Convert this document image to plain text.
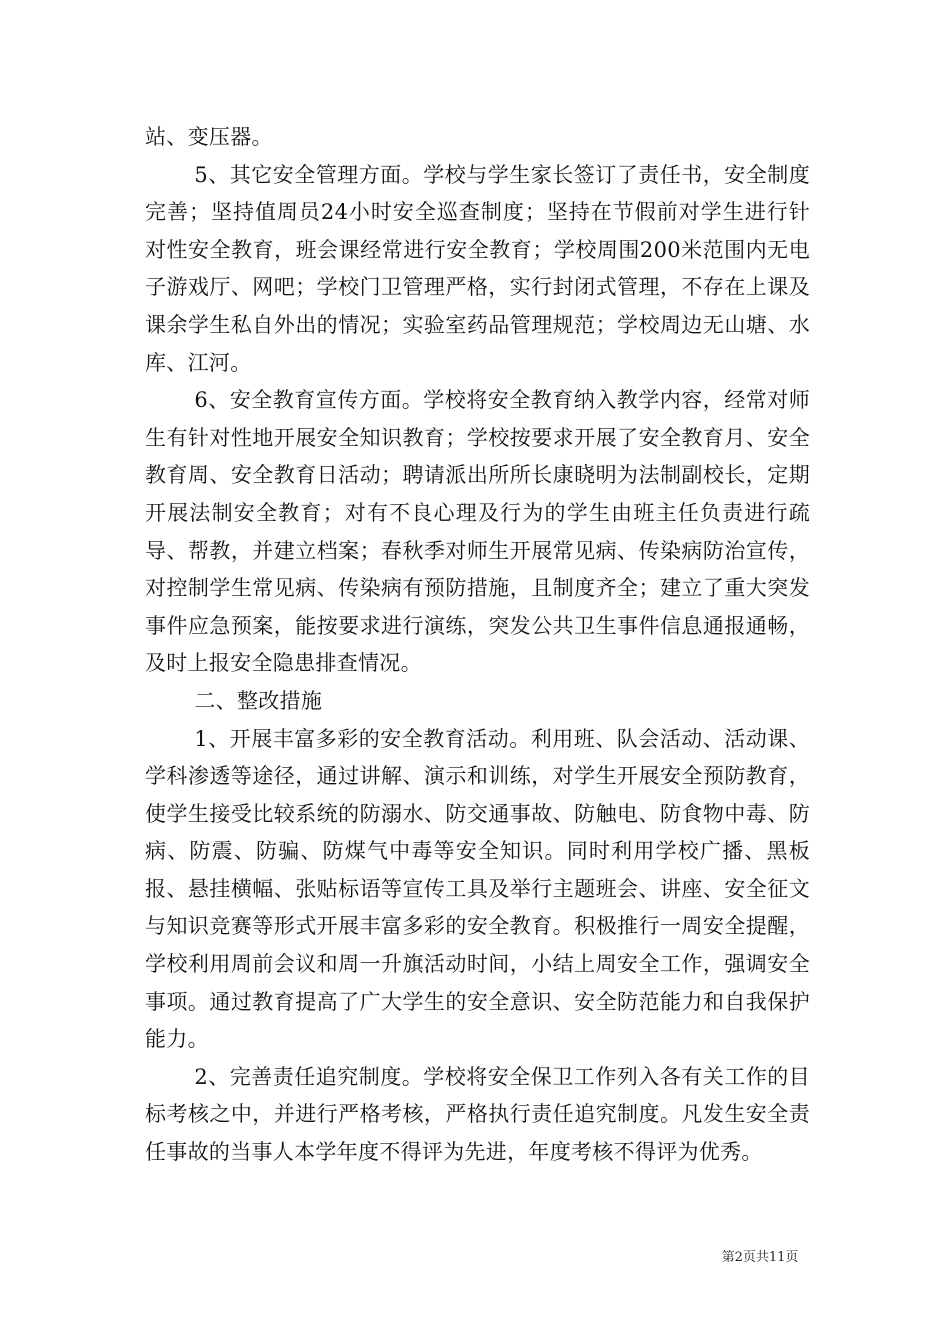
站、变压器。

5、其它安全管理方面。学校与学生家长签订了责任书，安全制度完善；坚持值周员24小时安全巡查制度；坚持在节假前对学生进行针对性安全教育，班会课经常进行安全教育；学校周围200米范围内无电子游戏厅、网吧；学校门卫管理严格，实行封闭式管理，不存在上课及课余学生私自外出的情况；实验室药品管理规范；学校周边无山塘、水库、江河。

6、安全教育宣传方面。学校将安全教育纳入教学内容，经常对师生有针对性地开展安全知识教育；学校按要求开展了安全教育月、安全教育周、安全教育日活动；聘请派出所所长康晓明为法制副校长，定期开展法制安全教育；对有不良心理及行为的学生由班主任负责进行疏导、帮教，并建立档案；春秋季对师生开展常见病、传染病防治宣传，对控制学生常见病、传染病有预防措施，且制度齐全；建立了重大突发事件应急预案，能按要求进行演练，突发公共卫生事件信息通报通畅，及时上报安全隐患排查情况。

二、整改措施

1、开展丰富多彩的安全教育活动。利用班、队会活动、活动课、学科渗透等途径，通过讲解、演示和训练，对学生开展安全预防教育，使学生接受比较系统的防溺水、防交通事故、防触电、防食物中毒、防病、防震、防骗、防煤气中毒等安全知识。同时利用学校广播、黑板报、悬挂横幅、张贴标语等宣传工具及举行主题班会、讲座、安全征文与知识竞赛等形式开展丰富多彩的安全教育。积极推行一周安全提醒，学校利用周前会议和周一升旗活动时间，小结上周安全工作，强调安全事项。通过教育提高了广大学生的安全意识、安全防范能力和自我保护能力。

2、完善责任追究制度。学校将安全保卫工作列入各有关工作的目标考核之中，并进行严格考核，严格执行责任追究制度。凡发生安全责任事故的当事人本学年度不得评为先进，年度考核不得评为优秀。

第2页共11页
